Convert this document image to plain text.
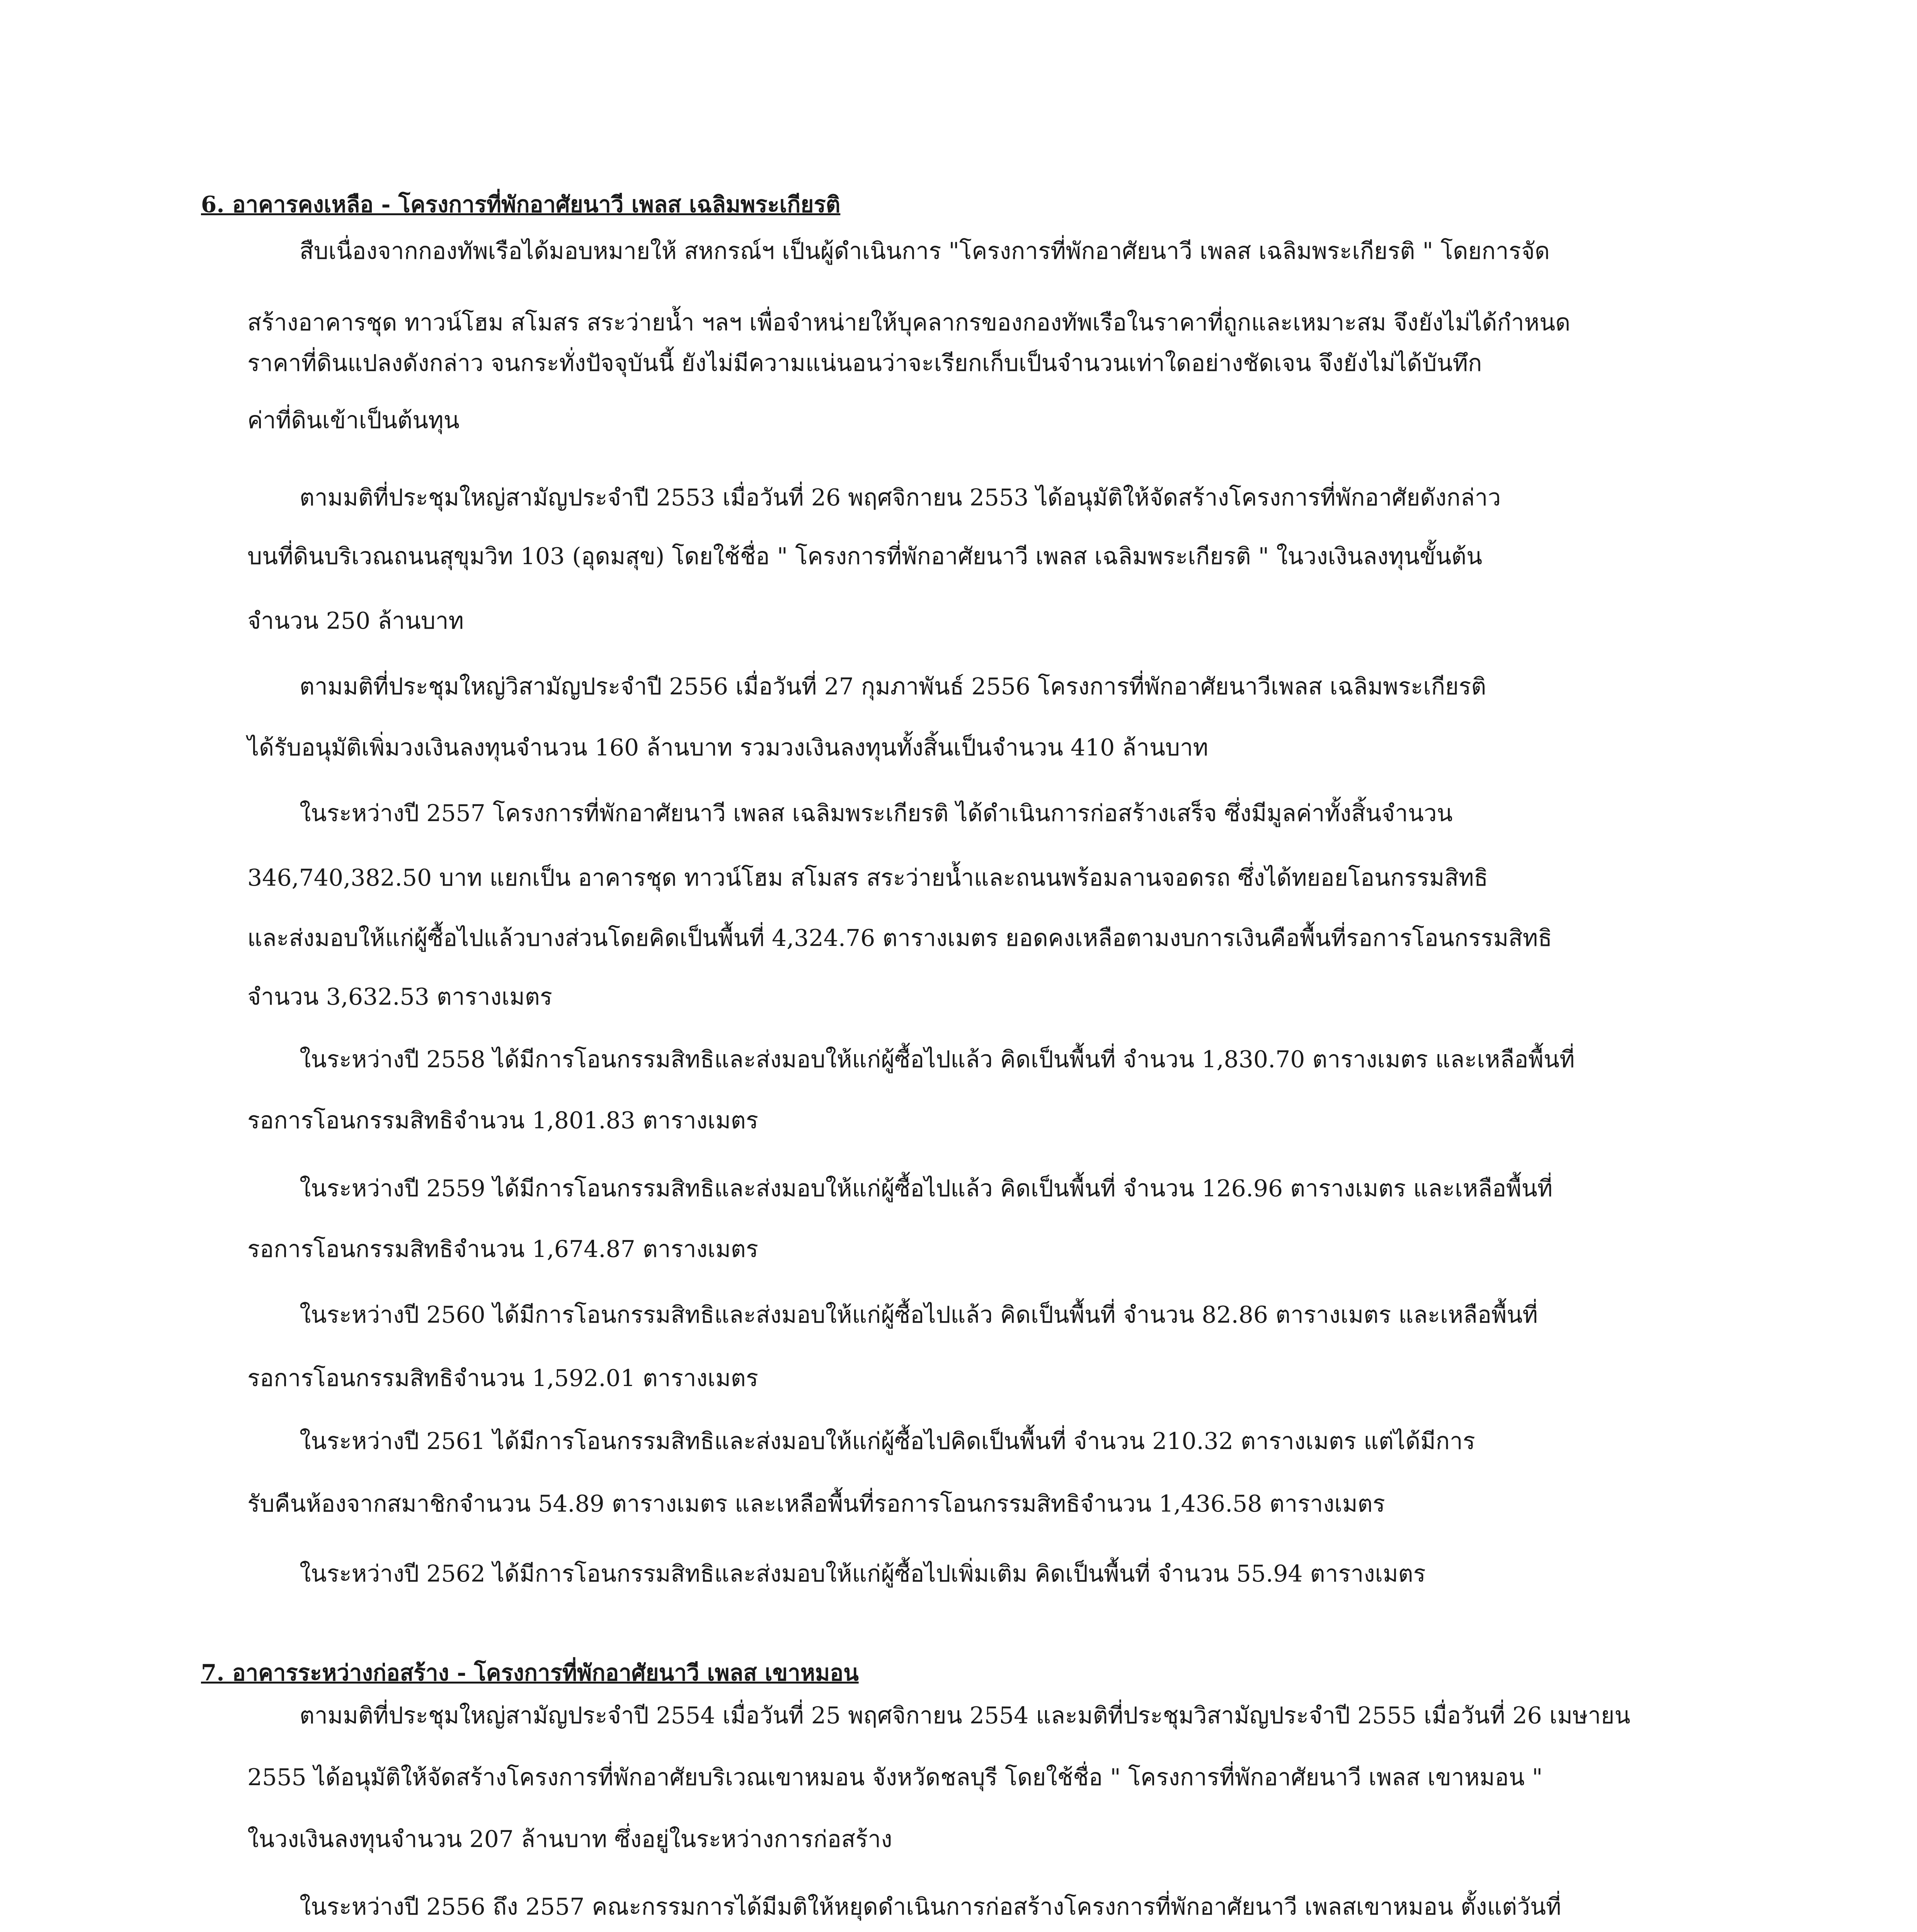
6. อาคารคงเหลือ - โครงการที่พักอาศัยนาวี เพลส เฉลิมพระเกียรติ
สืบเนื่องจากกองทัพเรือได้มอบหมายให้ สหกรณ์ฯ เป็นผู้ดำเนินการ "โครงการที่พักอาศัยนาวี เพลส เฉลิมพระเกียรติ " โดยการจัด
สร้างอาคารชุด ทาวน์โฮม สโมสร สระว่ายน้ำ ฯลฯ เพื่อจำหน่ายให้บุคลากรของกองทัพเรือในราคาที่ถูกและเหมาะสม จึงยังไม่ได้กำหนด
ราคาที่ดินแปลงดังกล่าว จนกระทั่งปัจจุบันนี้ ยังไม่มีความแน่นอนว่าจะเรียกเก็บเป็นจำนวนเท่าใดอย่างชัดเจน จึงยังไม่ได้บันทึก
ค่าที่ดินเข้าเป็นต้นทุน
ตามมติที่ประชุมใหญ่สามัญประจำปี 2553 เมื่อวันที่ 26 พฤศจิกายน 2553 ได้อนุมัติให้จัดสร้างโครงการที่พักอาศัยดังกล่าว
บนที่ดินบริเวณถนนสุขุมวิท 103 (อุดมสุข) โดยใช้ชื่อ " โครงการที่พักอาศัยนาวี เพลส เฉลิมพระเกียรติ " ในวงเงินลงทุนขั้นต้น
จำนวน 250 ล้านบาท
ตามมติที่ประชุมใหญ่วิสามัญประจำปี 2556 เมื่อวันที่ 27 กุมภาพันธ์ 2556 โครงการที่พักอาศัยนาวีเพลส เฉลิมพระเกียรติ
ได้รับอนุมัติเพิ่มวงเงินลงทุนจำนวน 160 ล้านบาท รวมวงเงินลงทุนทั้งสิ้นเป็นจำนวน 410 ล้านบาท
ในระหว่างปี 2557 โครงการที่พักอาศัยนาวี เพลส เฉลิมพระเกียรติ ได้ดำเนินการก่อสร้างเสร็จ ซึ่งมีมูลค่าทั้งสิ้นจำนวน
346,740,382.50 บาท แยกเป็น อาคารชุด ทาวน์โฮม สโมสร สระว่ายน้ำและถนนพร้อมลานจอดรถ ซึ่งได้ทยอยโอนกรรมสิทธิ
และส่งมอบให้แก่ผู้ซื้อไปแล้วบางส่วนโดยคิดเป็นพื้นที่ 4,324.76 ตารางเมตร ยอดคงเหลือตามงบการเงินคือพื้นที่รอการโอนกรรมสิทธิ
จำนวน 3,632.53 ตารางเมตร
ในระหว่างปี 2558 ได้มีการโอนกรรมสิทธิและส่งมอบให้แก่ผู้ซื้อไปแล้ว คิดเป็นพื้นที่ จำนวน 1,830.70 ตารางเมตร และเหลือพื้นที่
รอการโอนกรรมสิทธิจำนวน 1,801.83 ตารางเมตร
ในระหว่างปี 2559 ได้มีการโอนกรรมสิทธิและส่งมอบให้แก่ผู้ซื้อไปแล้ว คิดเป็นพื้นที่ จำนวน 126.96 ตารางเมตร และเหลือพื้นที่
รอการโอนกรรมสิทธิจำนวน 1,674.87 ตารางเมตร
ในระหว่างปี 2560 ได้มีการโอนกรรมสิทธิและส่งมอบให้แก่ผู้ซื้อไปแล้ว คิดเป็นพื้นที่ จำนวน 82.86 ตารางเมตร และเหลือพื้นที่
รอการโอนกรรมสิทธิจำนวน 1,592.01 ตารางเมตร
ในระหว่างปี 2561 ได้มีการโอนกรรมสิทธิและส่งมอบให้แก่ผู้ซื้อไปคิดเป็นพื้นที่ จำนวน 210.32 ตารางเมตร แต่ได้มีการ
รับคืนห้องจากสมาชิกจำนวน 54.89 ตารางเมตร และเหลือพื้นที่รอการโอนกรรมสิทธิจำนวน 1,436.58 ตารางเมตร
ในระหว่างปี 2562 ได้มีการโอนกรรมสิทธิและส่งมอบให้แก่ผู้ซื้อไปเพิ่มเติม คิดเป็นพื้นที่ จำนวน 55.94 ตารางเมตร
7. อาคารระหว่างก่อสร้าง - โครงการที่พักอาศัยนาวี เพลส เขาหมอน
ตามมติที่ประชุมใหญ่สามัญประจำปี 2554 เมื่อวันที่ 25 พฤศจิกายน 2554 และมติที่ประชุมวิสามัญประจำปี 2555 เมื่อวันที่ 26 เมษายน
2555 ได้อนุมัติให้จัดสร้างโครงการที่พักอาศัยบริเวณเขาหมอน จังหวัดชลบุรี โดยใช้ชื่อ " โครงการที่พักอาศัยนาวี เพลส เขาหมอน "
ในวงเงินลงทุนจำนวน 207 ล้านบาท ซึ่งอยู่ในระหว่างการก่อสร้าง
ในระหว่างปี 2556 ถึง 2557 คณะกรรมการได้มีมติให้หยุดดำเนินการก่อสร้างโครงการที่พักอาศัยนาวี เพลสเขาหมอน ตั้งแต่วันที่
